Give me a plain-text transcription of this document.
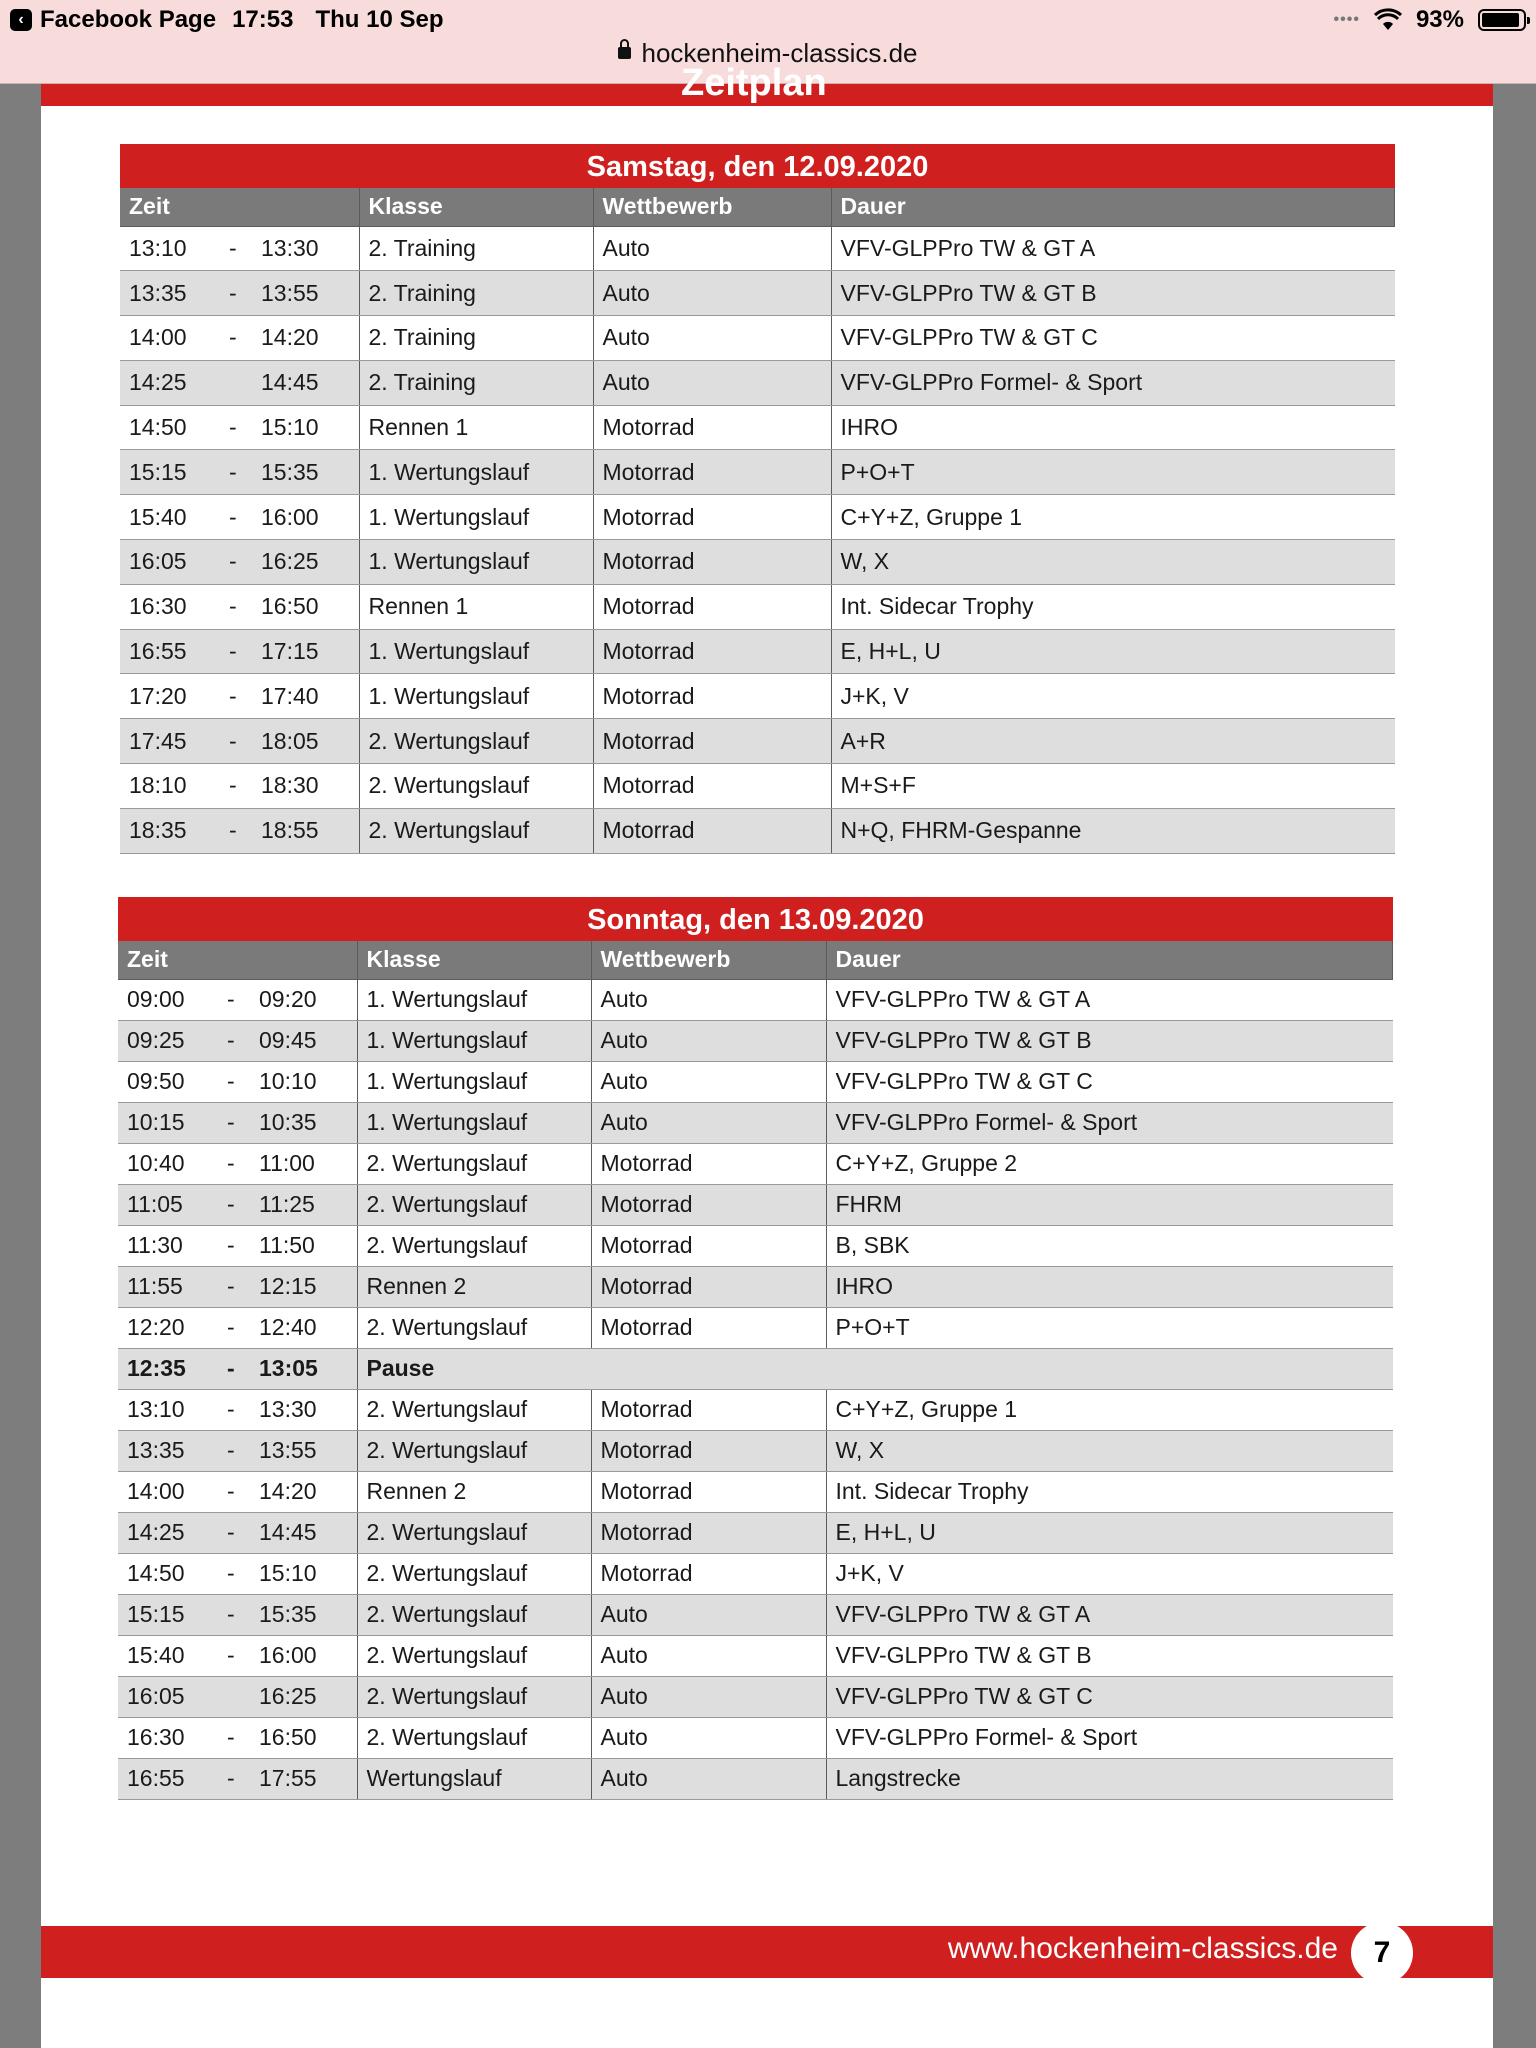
‹ Facebook Page 17:53 Thu 10 Sep	•••• 93%
hockenheim-classics.de
Zeitplan
Samstag, den 12.09.2020
Zeit	Klasse	Wettbewerb	Dauer
13:10 - 13:30	2. Training	Auto	VFV-GLPPro TW & GT A
13:35 - 13:55	2. Training	Auto	VFV-GLPPro TW & GT B
14:00 - 14:20	2. Training	Auto	VFV-GLPPro TW & GT C
14:25 14:45	2. Training	Auto	VFV-GLPPro Formel- & Sport
14:50 - 15:10	Rennen 1	Motorrad	IHRO
15:15 - 15:35	1. Wertungslauf	Motorrad	P+O+T
15:40 - 16:00	1. Wertungslauf	Motorrad	C+Y+Z, Gruppe 1
16:05 - 16:25	1. Wertungslauf	Motorrad	W, X
16:30 - 16:50	Rennen 1	Motorrad	Int. Sidecar Trophy
16:55 - 17:15	1. Wertungslauf	Motorrad	E, H+L, U
17:20 - 17:40	1. Wertungslauf	Motorrad	J+K, V
17:45 - 18:05	2. Wertungslauf	Motorrad	A+R
18:10 - 18:30	2. Wertungslauf	Motorrad	M+S+F
18:35 - 18:55	2. Wertungslauf	Motorrad	N+Q, FHRM-Gespanne
Sonntag, den 13.09.2020
Zeit	Klasse	Wettbewerb	Dauer
09:00 - 09:20	1. Wertungslauf	Auto	VFV-GLPPro TW & GT A
09:25 - 09:45	1. Wertungslauf	Auto	VFV-GLPPro TW & GT B
09:50 - 10:10	1. Wertungslauf	Auto	VFV-GLPPro TW & GT C
10:15 - 10:35	1. Wertungslauf	Auto	VFV-GLPPro Formel- & Sport
10:40 - 11:00	2. Wertungslauf	Motorrad	C+Y+Z, Gruppe 2
11:05 - 11:25	2. Wertungslauf	Motorrad	FHRM
11:30 - 11:50	2. Wertungslauf	Motorrad	B, SBK
11:55 - 12:15	Rennen 2	Motorrad	IHRO
12:20 - 12:40	2. Wertungslauf	Motorrad	P+O+T
12:35 - 13:05	Pause		
13:10 - 13:30	2. Wertungslauf	Motorrad	C+Y+Z, Gruppe 1
13:35 - 13:55	2. Wertungslauf	Motorrad	W, X
14:00 - 14:20	Rennen 2	Motorrad	Int. Sidecar Trophy
14:25 - 14:45	2. Wertungslauf	Motorrad	E, H+L, U
14:50 - 15:10	2. Wertungslauf	Motorrad	J+K, V
15:15 - 15:35	2. Wertungslauf	Auto	VFV-GLPPro TW & GT A
15:40 - 16:00	2. Wertungslauf	Auto	VFV-GLPPro TW & GT B
16:05 16:25	2. Wertungslauf	Auto	VFV-GLPPro TW & GT C
16:30 - 16:50	2. Wertungslauf	Auto	VFV-GLPPro Formel- & Sport
16:55 - 17:55	Wertungslauf	Auto	Langstrecke
www.hockenheim-classics.de	7
